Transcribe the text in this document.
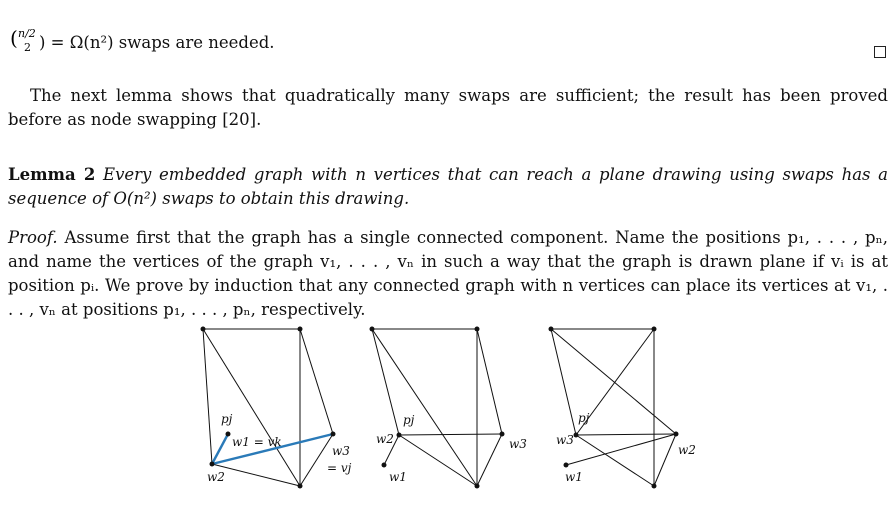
( n/2
2 ) = Ω(n²) swaps are needed.
The next lemma shows that quadratically many swaps are sufficient; the result has been proved before as node swapping [20].
Lemma 2 Every embedded graph with n vertices that can reach a plane drawing using swaps has a sequence of O(n²) swaps to obtain this drawing.
Proof. Assume first that the graph has a single connected component. Name the positions p₁, . . . , pₙ, and name the vertices of the graph v₁, . . . , vₙ in such a way that the graph is drawn plane if vᵢ is at position pᵢ. We prove by induction that any connected graph with n vertices can place its vertices at v₁, . . . , vₙ at positions p₁, . . . , pₙ, respectively.
pj
w1 = vk
w2
w3
= vj
pj
w2	w3
w1
pj
w3
w2
w1
